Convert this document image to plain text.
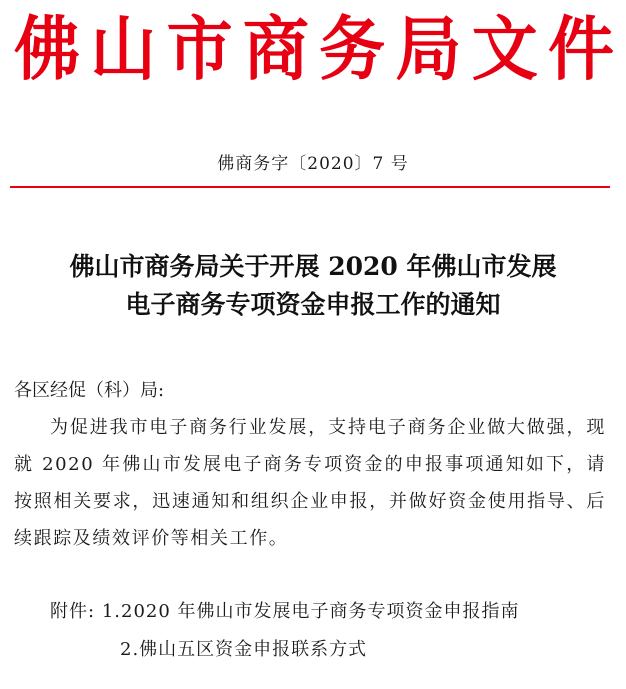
佛 山 市 商 务 局 文 件
佛商务字〔2020〕7 号
佛山市商务局关于开展 2020 年佛山市发展
电子商务专项资金申报工作的通知
各区经促（科）局:
为促进我市电子商务行业发展，支持电子商务企业做大做强，现就 2020 年佛山市发展电子商务专项资金的申报事项通知如下，请按照相关要求，迅速通知和组织企业申报，并做好资金使用指导、后续跟踪及绩效评价等相关工作。
附件: 1.2020 年佛山市发展电子商务专项资金申报指南
2.佛山五区资金申报联系方式
